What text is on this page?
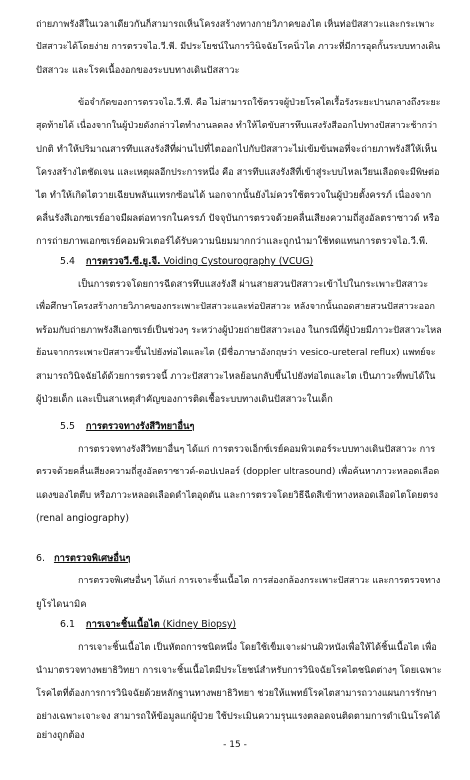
ถ่ายภาพรังสีในเวลาเดียวกันก็สามารถเห็นโครงสร้างทางกายวิภาคของไต เห็นท่อปัสสาวะและกระเพาะ
ปัสสาวะได้โดยง่าย การตรวจไอ.วี.พี. มีประโยชน์ในการวินิจฉัยโรคนิ่วไต ภาวะที่มีการอุดกั้นระบบทางเดิน
ปัสสาวะ และโรคเนื้องอกของระบบทางเดินปัสสาวะ
ข้อจำกัดของการตรวจไอ.วี.พี. คือ ไม่สามารถใช้ตรวจผู้ป่วยโรคไตเรื้อรังระยะปานกลางถึงระยะ
สุดท้ายได้ เนื่องจากในผู้ป่วยดังกล่าวไตทำงานลดลง ทำให้ไตขับสารทึบแสงรังสีออกไปทางปัสสาวะช้ากว่า
ปกติ ทำให้ปริมาณสารทึบแสงรังสีที่ผ่านไปที่ไตออกไปกับปัสสาวะไม่เข้มข้นพอที่จะถ่ายภาพรังสีให้เห็น
โครงสร้างไตชัดเจน และเหตุผลอีกประการหนึ่ง คือ สารทึบแสงรังสีที่เข้าสู่ระบบไหลเวียนเลือดจะมีพิษต่อ
ไต ทำให้เกิดไตวายเฉียบพลันแทรกซ้อนได้ นอกจากนั้นยังไม่ควรใช้ตรวจในผู้ป่วยตั้งครรภ์ เนื่องจาก
คลื่นรังสีเอกซเรย์อาจมีผลต่อทารกในครรภ์ ปัจจุบันการตรวจด้วยคลื่นเสียงความถี่สูงอัลตราซาวด์ หรือ
การถ่ายภาพเอกซเรย์คอมพิวเตอร์ได้รับความนิยมมากกว่าและถูกนำมาใช้ทดแทนการตรวจไอ.วี.พี.
5.4 การตรวจวี.ซี.ยู.จี. Voiding Cystourography (VCUG)
เป็นการตรวจโดยการฉีดสารทึบแสงรังสี ผ่านสายสวนปัสสาวะเข้าไปในกระเพาะปัสสาวะ
เพื่อศึกษาโครงสร้างกายวิภาคของกระเพาะปัสสาวะและท่อปัสสาวะ หลังจากนั้นถอดสายสวนปัสสาวะออก
พร้อมกับถ่ายภาพรังสีเอกซเรย์เป็นช่วงๆ ระหว่างผู้ป่วยถ่ายปัสสาวะเอง ในกรณีที่ผู้ป่วยมีภาวะปัสสาวะไหล
ย้อนจากกระเพาะปัสสาวะขึ้นไปยังท่อไตและไต (มีชื่อภาษาอังกฤษว่า vesico-ureteral reflux) แพทย์จะ
สามารถวินิจฉัยได้ด้วยการตรวจนี้ ภาวะปัสสาวะไหลย้อนกลับขึ้นไปยังท่อไตและไต เป็นภาวะที่พบได้ใน
ผู้ป่วยเด็ก และเป็นสาเหตุสำคัญของการติดเชื้อระบบทางเดินปัสสาวะในเด็ก
5.5 การตรวจทางรังสีวิทยาอื่นๆ
การตรวจทางรังสีวิทยาอื่นๆ ได้แก่ การตรวจเอ็กซ์เรย์คอมพิวเตอร์ระบบทางเดินปัสสาวะ การ
ตรวจด้วยคลื่นเสียงความถี่สูงอัลตราซาวด์-ดอปเปลอร์ (doppler ultrasound) เพื่อค้นหาภาวะหลอดเลือด
แดงของไตตีบ หรือภาวะหลอดเลือดดำไตอุดตัน และการตรวจโดยวิธีฉีดสีเข้าทางหลอดเลือดไตโดยตรง
(renal angiography)
6. การตรวจพิเศษอื่นๆ
การตรวจพิเศษอื่นๆ ได้แก่ การเจาะชิ้นเนื้อไต การส่องกล้องกระเพาะปัสสาวะ และการตรวจทาง
ยูโรไดนามิค
6.1 การเจาะชิ้นเนื้อไต (Kidney Biopsy)
การเจาะชิ้นเนื้อไต เป็นหัตถการชนิดหนึ่ง โดยใช้เข็มเจาะผ่านผิวหนังเพื่อให้ได้ชิ้นเนื้อไต เพื่อ
นำมาตรวจทางพยาธิวิทยา การเจาะชิ้นเนื้อไตมีประโยชน์สำหรับการวินิจฉัยโรคไตชนิดต่างๆ โดยเฉพาะ
โรคไตที่ต้องการการวินิจฉัยด้วยหลักฐานทางพยาธิวิทยา ช่วยให้แพทย์โรคไตสามารถวางแผนการรักษา
อย่างเฉพาะเจาะจง สามารถให้ข้อมูลแก่ผู้ป่วย ใช้ประเมินความรุนแรงตลอดจนติดตามการดำเนินโรคได้
อย่างถูกต้อง
- 15 -
